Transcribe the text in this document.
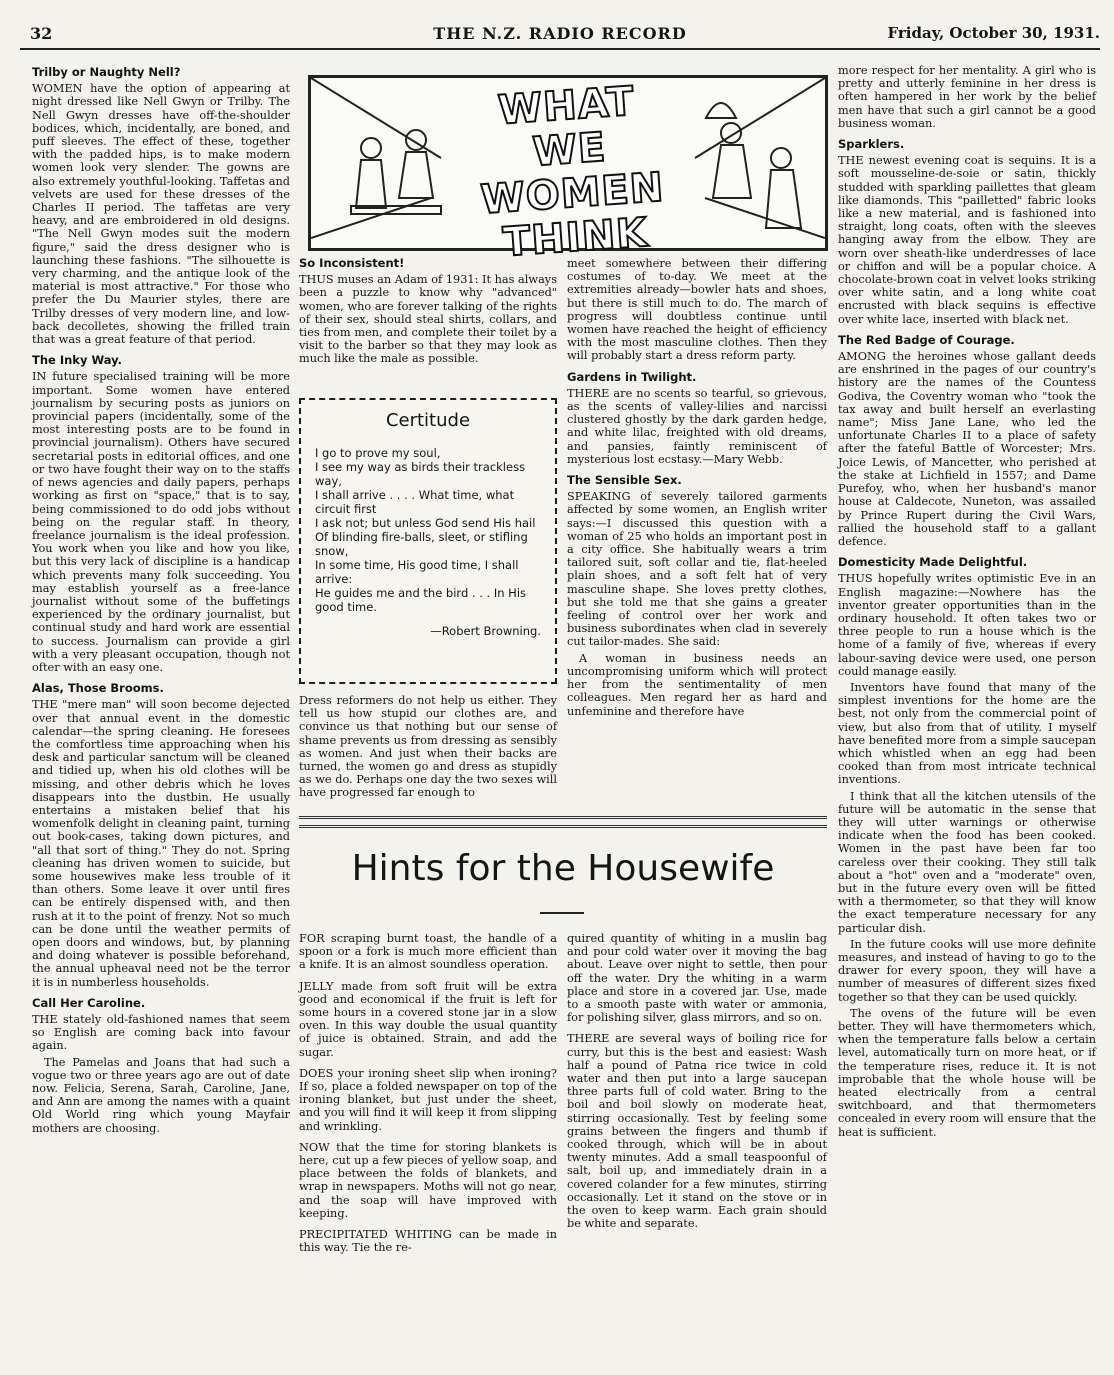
32	THE N.Z. RADIO RECORD	Friday, October 30, 1931.
Trilby or Naughty Nell?

WOMEN have the option of appearing at night dressed like Nell Gwyn or Trilby. The Nell Gwyn dresses have off-the-shoulder bodices, which, incidentally, are boned, and puff sleeves. The effect of these, together with the padded hips, is to make modern women look very slender. The gowns are also extremely youthful-looking. Taffetas and velvets are used for these dresses of the Charles II period. The taffetas are very heavy, and are embroidered in old designs. "The Nell Gwyn modes suit the modern figure," said the dress designer who is launching these fashions. "The silhouette is very charming, and the antique look of the material is most attractive." For those who prefer the Du Maurier styles, there are Trilby dresses of very modern line, and low-back decolletes, showing the frilled train that was a great feature of that period.

The Inky Way.

IN future specialised training will be more important. Some women have entered journalism by securing posts as juniors on provincial papers (incidentally, some of the most interesting posts are to be found in provincial journalism). Others have secured secretarial posts in editorial offices, and one or two have fought their way on to the staffs of news agencies and daily papers, perhaps working as first on "space," that is to say, being commissioned to do odd jobs without being on the regular staff. In theory, freelance journalism is the ideal profession. You work when you like and how you like, but this very lack of discipline is a handicap which prevents many folk succeeding. You may establish yourself as a free-lance journalist without some of the buffetings experienced by the ordinary journalist, but continual study and hard work are essential to success. Journalism can provide a girl with a very pleasant occupation, though not ofter with an easy one.

Alas, Those Brooms.

THE "mere man" will soon become dejected over that annual event in the domestic calendar—the spring cleaning. He foresees the comfortless time approaching when his desk and particular sanctum will be cleaned and tidied up, when his old clothes will be missing, and other debris which he loves disappears into the dustbin. He usually entertains a mistaken belief that his womenfolk delight in cleaning paint, turning out book-cases, taking down pictures, and "all that sort of thing." They do not. Spring cleaning has driven women to suicide, but some housewives make less trouble of it than others. Some leave it over until fires can be entirely dispensed with, and then rush at it to the point of frenzy. Not so much can be done until the weather permits of open doors and windows, but, by planning and doing whatever is possible beforehand, the annual upheaval need not be the terror it is in numberless households.

Call Her Caroline.

THE stately old-fashioned names that seem so English are coming back into favour again.

The Pamelas and Joans that had such a vogue two or three years ago are out of date now. Felicia, Serena, Sarah, Caroline, Jane, and Ann are among the names with a quaint Old World ring which young Mayfair mothers are choosing.

WHAT WE WOMEN THINK
So Inconsistent!

THUS muses an Adam of 1931: It has always been a puzzle to know why "advanced" women, who are forever talking of the rights of their sex, should steal shirts, collars, and ties from men, and complete their toilet by a visit to the barber so that they may look as much like the male as possible.

Certitude

I go to prove my soul,

I see my way as birds their trackless way,

I shall arrive . . . . What time, what circuit first

I ask not; but unless God send His hail

Of blinding fire-balls, sleet, or stifling snow,

In some time, His good time, I shall arrive:

He guides me and the bird . . . In His good time.

—Robert Browning.

Dress reformers do not help us either. They tell us how stupid our clothes are, and convince us that nothing but our sense of shame prevents us from dressing as sensibly as women. And just when their backs are turned, the women go and dress as stupidly as we do. Perhaps one day the two sexes will have progressed far enough to

meet somewhere between their differing costumes of to-day. We meet at the extremities already—bowler hats and shoes, but there is still much to do. The march of progress will doubtless continue until women have reached the height of efficiency with the most masculine clothes. Then they will probably start a dress reform party.

Gardens in Twilight.

THERE are no scents so tearful, so grievous, as the scents of valley-lilies and narcissi clustered ghostly by the dark garden hedge, and white lilac, freighted with old dreams, and pansies, faintly reminiscent of mysterious lost ecstasy.—Mary Webb.

The Sensible Sex.

SPEAKING of severely tailored garments affected by some women, an English writer says:—I discussed this question with a woman of 25 who holds an important post in a city office. She habitually wears a trim tailored suit, soft collar and tie, flat-heeled plain shoes, and a soft felt hat of very masculine shape. She loves pretty clothes, but she told me that she gains a greater feeling of control over her work and business subordinates when clad in severely cut tailor-mades. She said:

A woman in business needs an uncompromising uniform which will protect her from the sentimentality of men colleagues. Men regard her as hard and unfeminine and therefore have

more respect for her mentality. A girl who is pretty and utterly feminine in her dress is often hampered in her work by the belief men have that such a girl cannot be a good business woman.

Sparklers.

THE newest evening coat is sequins. It is a soft mousseline-de-soie or satin, thickly studded with sparkling paillettes that gleam like diamonds. This "pailletted" fabric looks like a new material, and is fashioned into straight, long coats, often with the sleeves hanging away from the elbow. They are worn over sheath-like underdresses of lace or chiffon and will be a popular choice. A chocolate-brown coat in velvet looks striking over white satin, and a long white coat encrusted with black sequins is effective over white lace, inserted with black net.

The Red Badge of Courage.

AMONG the heroines whose gallant deeds are enshrined in the pages of our country's history are the names of the Countess Godiva, the Coventry woman who "took the tax away and built herself an everlasting name"; Miss Jane Lane, who led the unfortunate Charles II to a place of safety after the fateful Battle of Worcester; Mrs. Joice Lewis, of Mancetter, who perished at the stake at Lichfield in 1557; and Dame Purefoy, who, when her husband's manor house at Caldecote, Nuneton, was assailed by Prince Rupert during the Civil Wars, rallied the household staff to a gallant defence.

Domesticity Made Delightful.

THUS hopefully writes optimistic Eve in an English magazine:—Nowhere has the inventor greater opportunities than in the ordinary household. It often takes two or three people to run a house which is the home of a family of five, whereas if every labour-saving device were used, one person could manage easily.

Inventors have found that many of the simplest inventions for the home are the best, not only from the commercial point of view, but also from that of utility. I myself have benefited more from a simple saucepan which whistled when an egg had been cooked than from most intricate technical inventions.

I think that all the kitchen utensils of the future will be automatic in the sense that they will utter warnings or otherwise indicate when the food has been cooked. Women in the past have been far too careless over their cooking. They still talk about a "hot" oven and a "moderate" oven, but in the future every oven will be fitted with a thermometer, so that they will know the exact temperature necessary for any particular dish.

In the future cooks will use more definite measures, and instead of having to go to the drawer for every spoon, they will have a number of measures of different sizes fixed together so that they can be used quickly.

The ovens of the future will be even better. They will have thermometers which, when the temperature falls below a certain level, automatically turn on more heat, or if the temperature rises, reduce it. It is not improbable that the whole house will be heated electrically from a central switchboard, and that thermometers concealed in every room will ensure that the heat is sufficient.

Hints for the Housewife

FOR scraping burnt toast, the handle of a spoon or a fork is much more efficient than a knife. It is an almost soundless operation.

JELLY made from soft fruit will be extra good and economical if the fruit is left for some hours in a covered stone jar in a slow oven. In this way double the usual quantity of juice is obtained. Strain, and add the sugar.

DOES your ironing sheet slip when ironing? If so, place a folded newspaper on top of the ironing blanket, but just under the sheet, and you will find it will keep it from slipping and wrinkling.

NOW that the time for storing blankets is here, cut up a few pieces of yellow soap, and place between the folds of blankets, and wrap in newspapers. Moths will not go near, and the soap will have improved with keeping.

PRECIPITATED WHITING can be made in this way. Tie the re-

quired quantity of whiting in a muslin bag and pour cold water over it moving the bag about. Leave over night to settle, then pour off the water. Dry the whiting in a warm place and store in a covered jar. Use, made to a smooth paste with water or ammonia, for polishing silver, glass mirrors, and so on.

THERE are several ways of boiling rice for curry, but this is the best and easiest: Wash half a pound of Patna rice twice in cold water and then put into a large saucepan three parts full of cold water. Bring to the boil and boil slowly on moderate heat, stirring occasionally. Test by feeling some grains between the fingers and thumb if cooked through, which will be in about twenty minutes. Add a small teaspoonful of salt, boil up, and immediately drain in a covered colander for a few minutes, stirring occasionally. Let it stand on the stove or in the oven to keep warm. Each grain should be white and separate.
